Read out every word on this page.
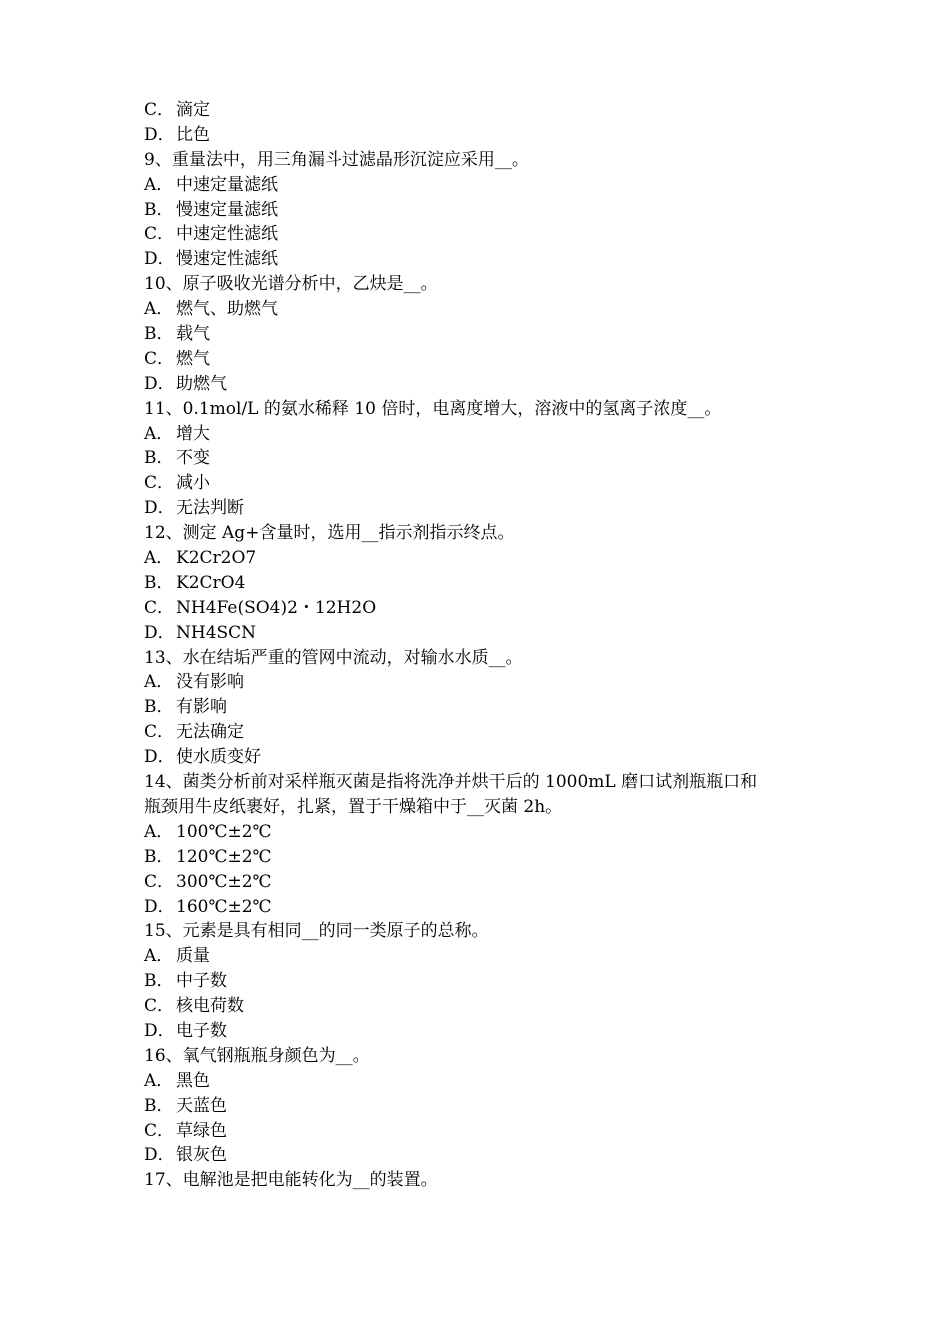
C． 滴定
D． 比色
9、重量法中，用三角漏斗过滤晶形沉淀应采用__。
A． 中速定量滤纸
B． 慢速定量滤纸
C． 中速定性滤纸
D． 慢速定性滤纸
10、原子吸收光谱分析中，乙炔是__。
A． 燃气、助燃气
B． 载气
C． 燃气
D． 助燃气
11、0.1mol/L 的氨水稀释 10 倍时，电离度增大，溶液中的氢离子浓度__。
A． 增大
B． 不变
C． 减小
D． 无法判断
12、测定 Ag+含量时，选用__指示剂指示终点。
A． K2Cr2O7
B． K2CrO4
C． NH4Fe(SO4)2・12H2O
D． NH4SCN
13、水在结垢严重的管网中流动，对输水水质__。
A． 没有影响
B． 有影响
C． 无法确定
D． 使水质变好
14、菌类分析前对采样瓶灭菌是指将洗净并烘干后的 1000mL 磨口试剂瓶瓶口和
瓶颈用牛皮纸裹好，扎紧，置于干燥箱中于__灭菌 2h。
A． 100℃±2℃
B． 120℃±2℃
C． 300℃±2℃
D． 160℃±2℃
15、元素是具有相同__的同一类原子的总称。
A． 质量
B． 中子数
C． 核电荷数
D． 电子数
16、氧气钢瓶瓶身颜色为__。
A． 黑色
B． 天蓝色
C． 草绿色
D． 银灰色
17、电解池是把电能转化为__的装置。
